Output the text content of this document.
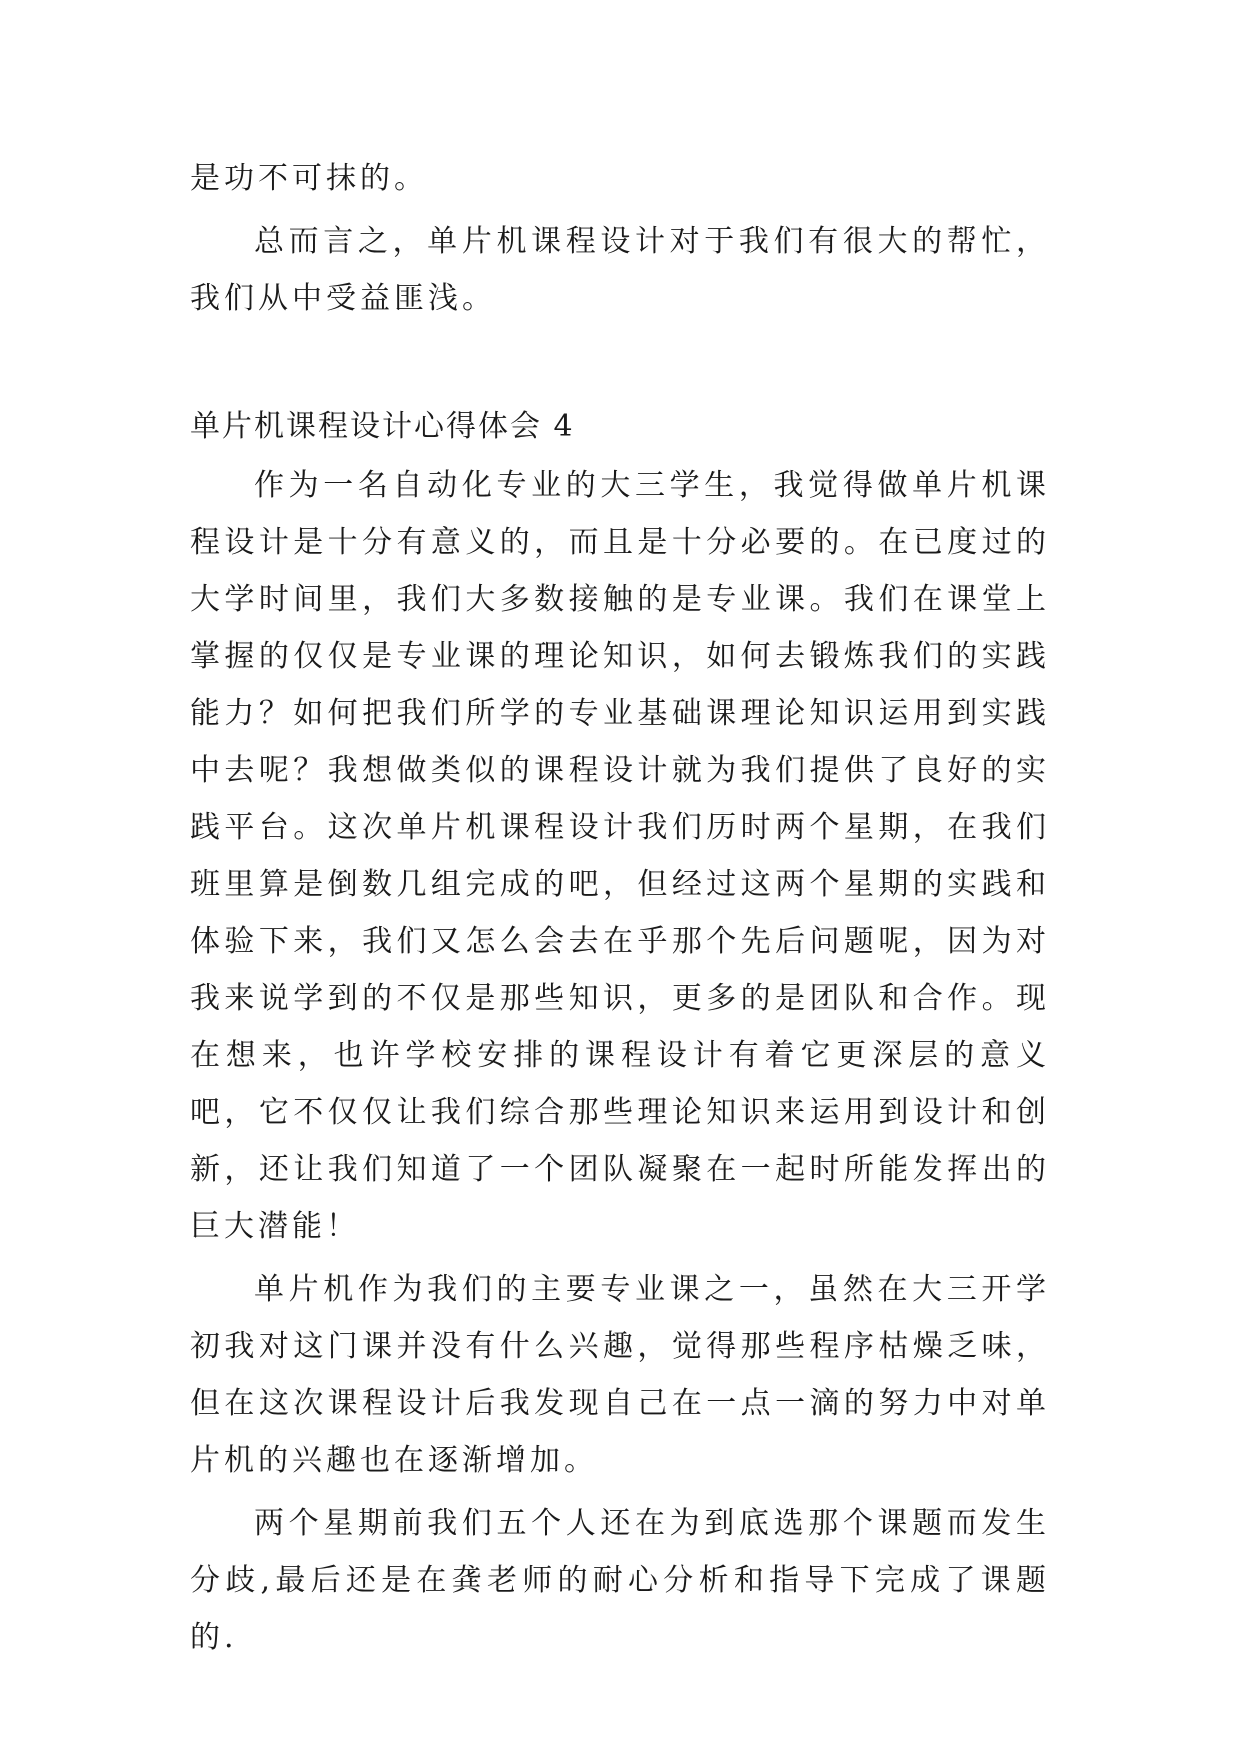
是功不可抹的。

总而言之，单片机课程设计对于我们有很大的帮忙，我们从中受益匪浅。

单片机课程设计心得体会 4

作为一名自动化专业的大三学生，我觉得做单片机课程设计是十分有意义的，而且是十分必要的。在已度过的大学时间里，我们大多数接触的是专业课。我们在课堂上掌握的仅仅是专业课的理论知识，如何去锻炼我们的实践能力？如何把我们所学的专业基础课理论知识运用到实践中去呢？我想做类似的课程设计就为我们提供了良好的实践平台。这次单片机课程设计我们历时两个星期，在我们班里算是倒数几组完成的吧，但经过这两个星期的实践和体验下来，我们又怎么会去在乎那个先后问题呢，因为对我来说学到的不仅是那些知识，更多的是团队和合作。现在想来，也许学校安排的课程设计有着它更深层的意义吧，它不仅仅让我们综合那些理论知识来运用到设计和创新，还让我们知道了一个团队凝聚在一起时所能发挥出的巨大潜能！

单片机作为我们的主要专业课之一，虽然在大三开学初我对这门课并没有什么兴趣，觉得那些程序枯燥乏味，但在这次课程设计后我发现自己在一点一滴的努力中对单片机的兴趣也在逐渐增加。

两个星期前我们五个人还在为到底选那个课题而发生分歧,最后还是在龚老师的耐心分析和指导下完成了课题的.
